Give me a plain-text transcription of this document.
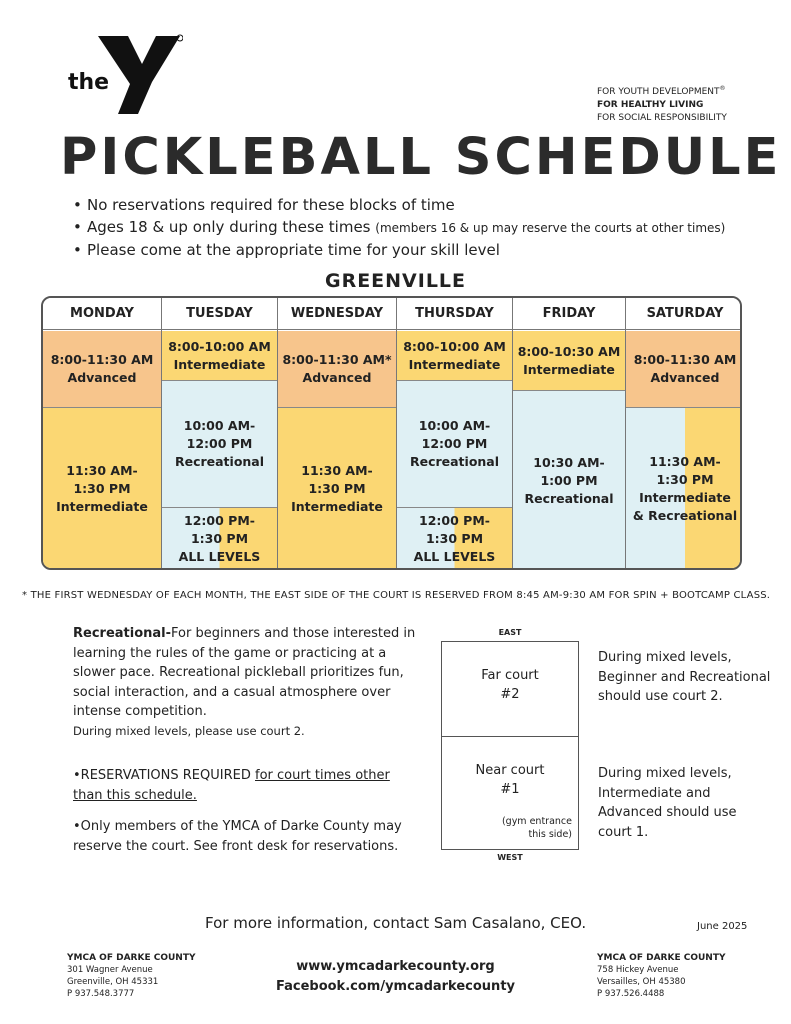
the
YMCA	FOR YOUTH DEVELOPMENT®
FOR HEALTHY LIVING
FOR SOCIAL RESPONSIBILITY
PICKLEBALL SCHEDULE
• No reservations required for these blocks of time
• Ages 18 & up only during these times (members 16 & up may reserve the courts at other times)
• Please come at the appropriate time for your skill level
GREENVILLE
MONDAY
8:00-11:30 AM
Advanced
11:30 AM-
1:30 PM
Intermediate
TUESDAY
8:00-10:00 AM
Intermediate
10:00 AM-
12:00 PM
Recreational
12:00 PM-
1:30 PM
ALL LEVELS
WEDNESDAY
8:00-11:30 AM*
Advanced
11:30 AM-
1:30 PM
Intermediate
THURSDAY
8:00-10:00 AM
Intermediate
10:00 AM-
12:00 PM
Recreational
12:00 PM-
1:30 PM
ALL LEVELS
FRIDAY
8:00-10:30 AM
Intermediate
10:30 AM-
1:00 PM
Recreational
SATURDAY
8:00-11:30 AM
Advanced
11:30 AM-
1:30 PM
Intermediate
& Recreational
* THE FIRST WEDNESDAY OF EACH MONTH, THE EAST SIDE OF THE COURT IS RESERVED FROM 8:45 AM-9:30 AM FOR SPIN + BOOTCAMP CLASS.
Recreational-For beginners and those interested in learning the rules of the game or practicing at a slower pace. Recreational pickleball prioritizes fun, social interaction, and a casual atmosphere over intense competition.
During mixed levels, please use court 2.

•RESERVATIONS REQUIRED for court times other than this schedule.

•Only members of the YMCA of Darke County may reserve the court. See front desk for reservations.

EAST
Far court
#2
Near court
#1
(gym entrance
this side)
WEST
During mixed levels, Beginner and Recreational should use court 2.
During mixed levels, Intermediate and Advanced should use court 1.
For more information, contact Sam Casalano, CEO.	June 2025
YMCA OF DARKE COUNTY
301 Wagner Avenue
Greenville, OH 45331
P 937.548.3777
www.ymcadarkecounty.org
Facebook.com/ymcadarkecounty
YMCA OF DARKE COUNTY
758 Hickey Avenue
Versailles, OH 45380
P 937.526.4488
